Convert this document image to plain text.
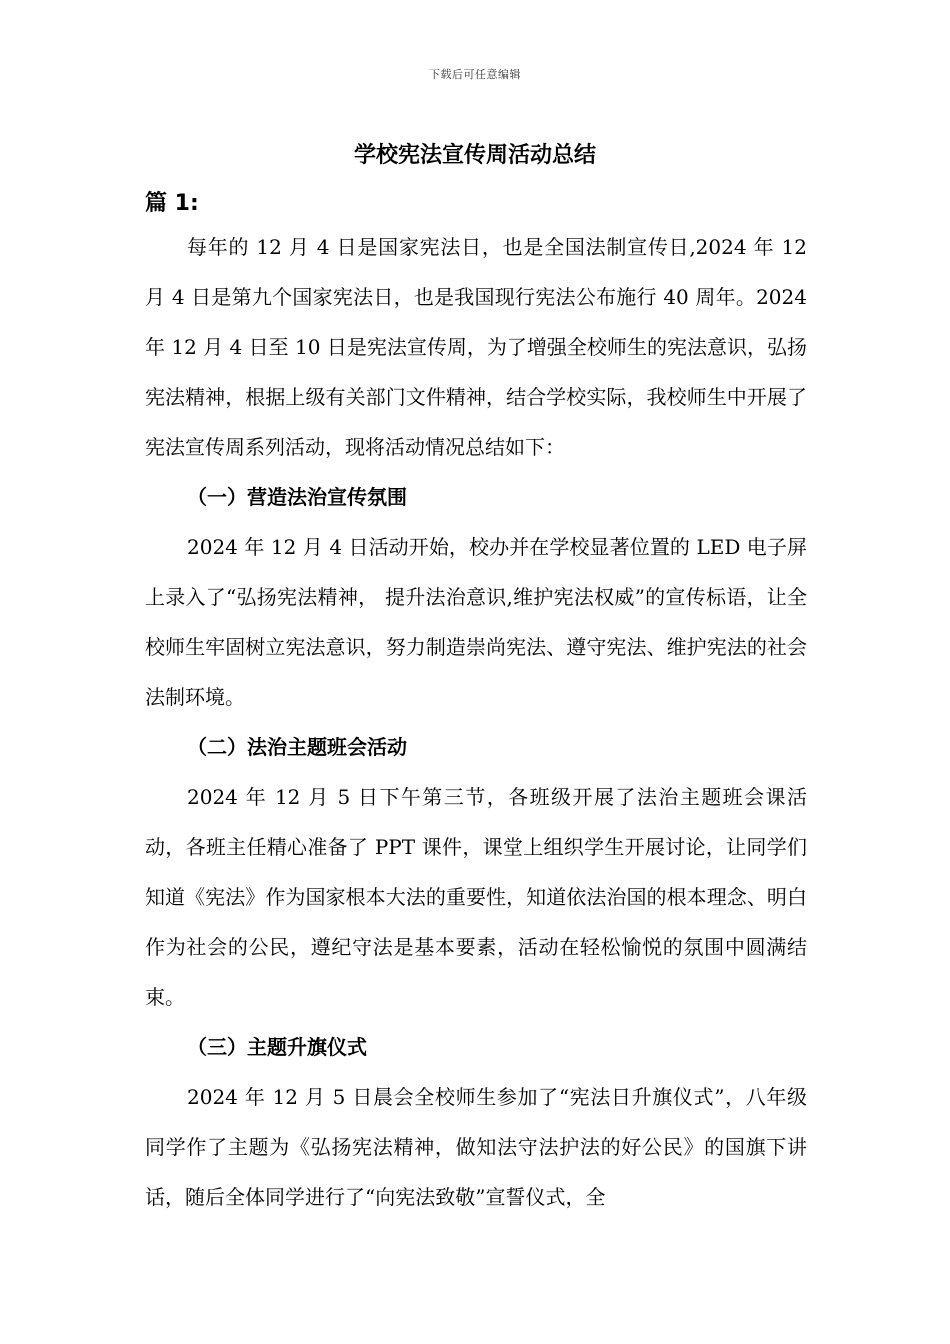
下载后可任意编辑
学校宪法宣传周活动总结
篇 1:

每年的 12 月 4 日是国家宪法日，也是全国法制宣传日,2024 年 12 月 4 日是第九个国家宪法日，也是我国现行宪法公布施行 40 周年。2024 年 12 月 4 日至 10 日是宪法宣传周，为了增强全校师生的宪法意识，弘扬宪法精神，根据上级有关部门文件精神，结合学校实际，我校师生中开展了宪法宣传周系列活动，现将活动情况总结如下：

（一）营造法治宣传氛围

2024 年 12 月 4 日活动开始，校办并在学校显著位置的 LED 电子屏上录入了“弘扬宪法精神， 提升法治意识,维护宪法权威”的宣传标语，让全校师生牢固树立宪法意识，努力制造崇尚宪法、遵守宪法、维护宪法的社会法制环境。

（二）法治主题班会活动

2024 年 12 月 5 日下午第三节，各班级开展了法治主题班会课活动，各班主任精心准备了 PPT 课件，课堂上组织学生开展讨论，让同学们知道《宪法》作为国家根本大法的重要性，知道依法治国的根本理念、明白作为社会的公民，遵纪守法是基本要素，活动在轻松愉悦的氛围中圆满结束。

（三）主题升旗仪式

2024 年 12 月 5 日晨会全校师生参加了“宪法日升旗仪式”，八年级同学作了主题为《弘扬宪法精神，做知法守法护法的好公民》的国旗下讲话，随后全体同学进行了“向宪法致敬”宣誓仪式，全
